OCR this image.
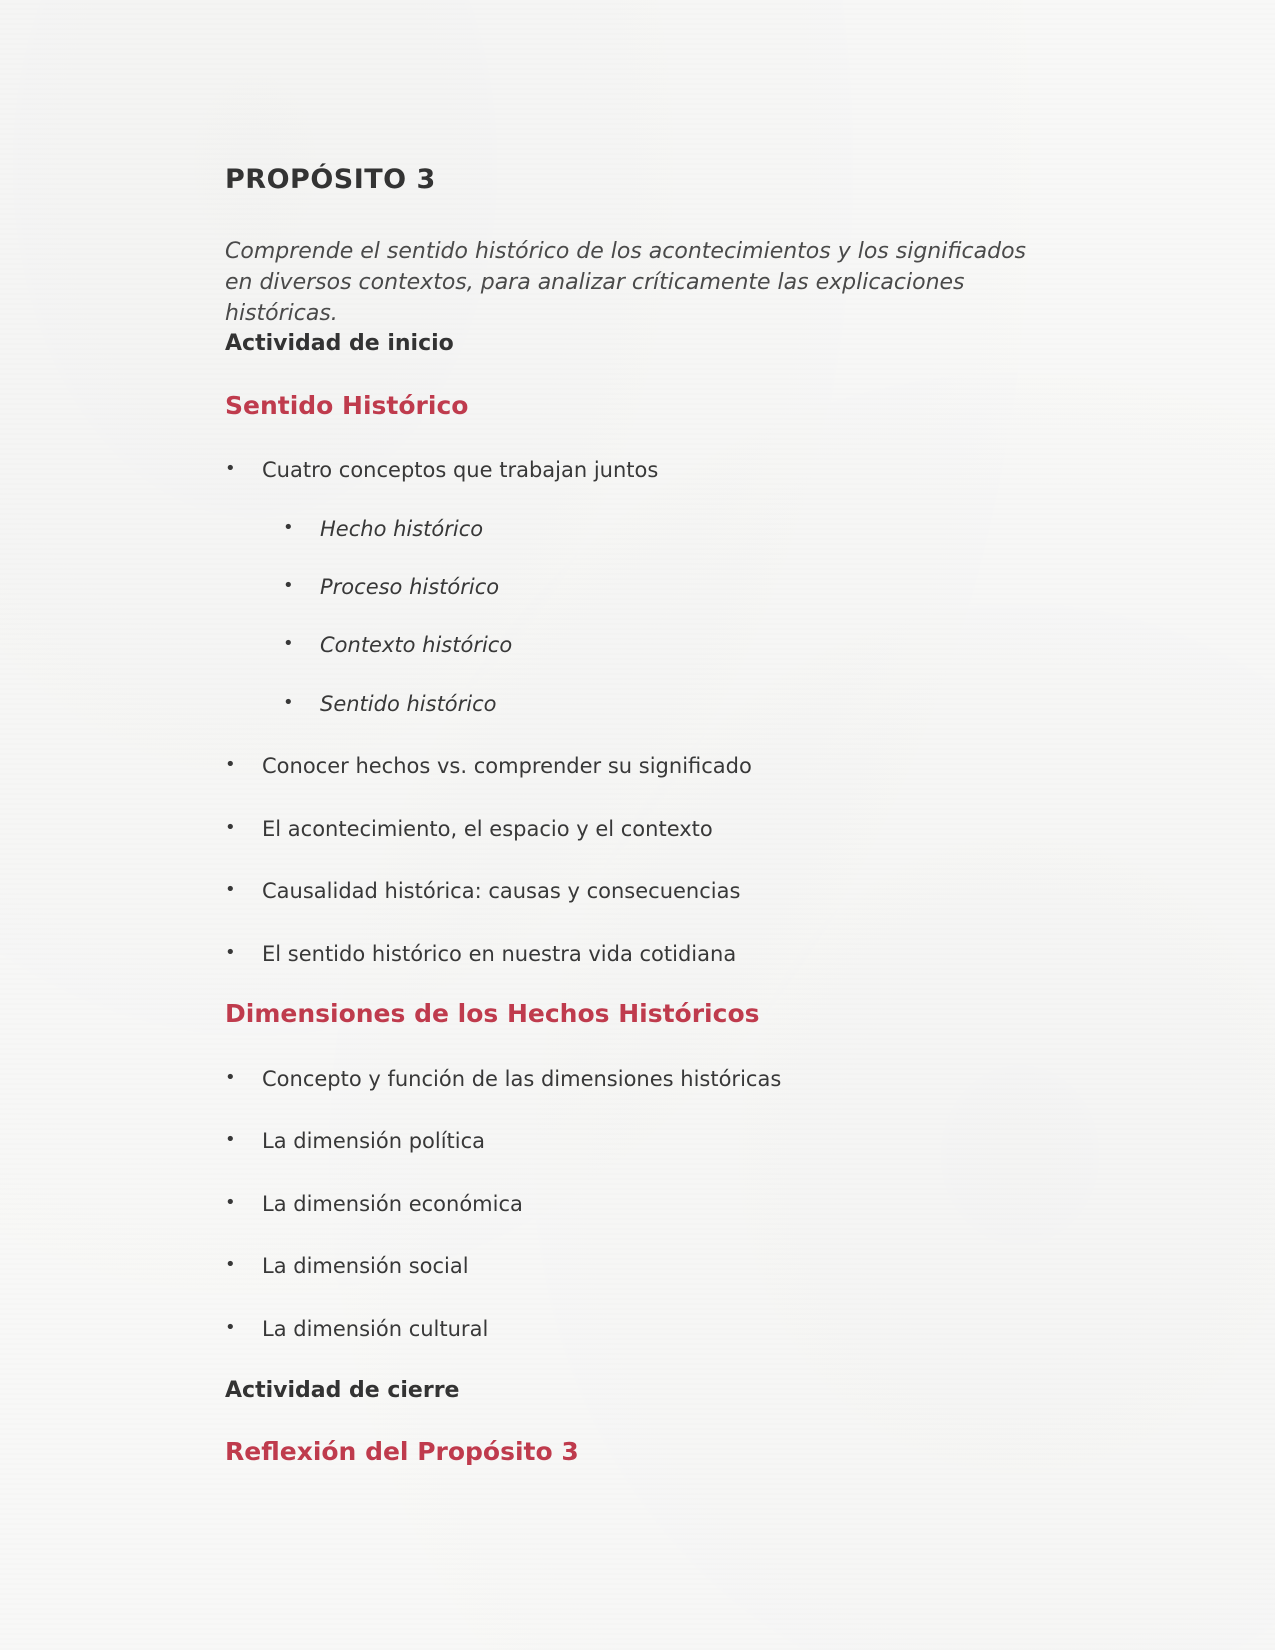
PROPÓSITO 3

Comprende el sentido histórico de los acontecimientos y los significados en diversos contextos, para analizar críticamente las explicaciones históricas.

Actividad de inicio
Sentido Histórico
• Cuatro conceptos que trabajan juntos
• Hecho histórico
• Proceso histórico
• Contexto histórico
• Sentido histórico
• Conocer hechos vs. comprender su significado
• El acontecimiento, el espacio y el contexto
• Causalidad histórica: causas y consecuencias
• El sentido histórico en nuestra vida cotidiana
Dimensiones de los Hechos Históricos
• Concepto y función de las dimensiones históricas
• La dimensión política
• La dimensión económica
• La dimensión social
• La dimensión cultural
Actividad de cierre
Reflexión del Propósito 3
